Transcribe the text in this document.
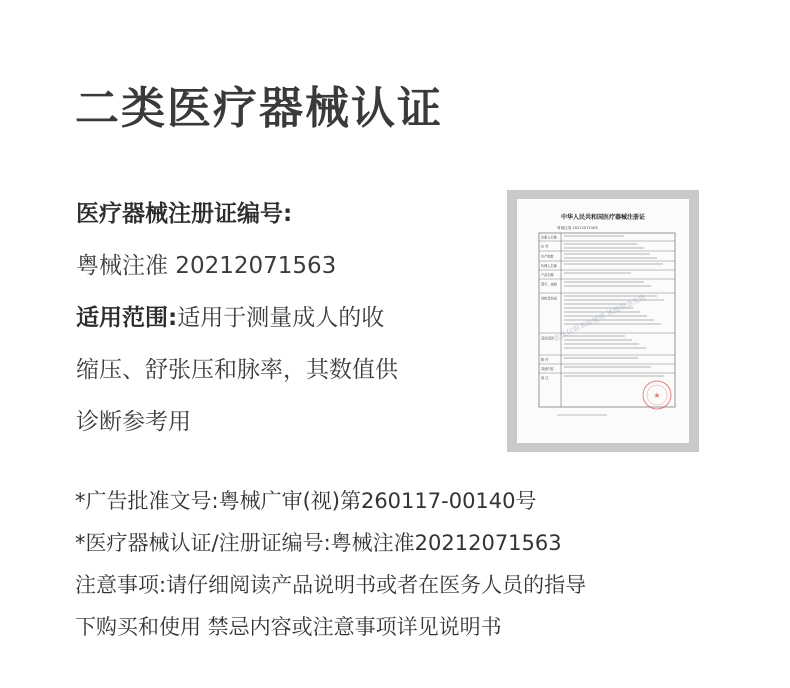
二类医疗器械认证
医疗器械注册证编号:
粤械注准 20212071563
适用范围:适用于测量成人的收
缩压、舒张压和脉率，其数值供
诊断参考用
中华人民共和国医疗器械注册证
粤械注准 20212071563
注册人名称
住 所
生产地址
代理人名称
产品名称
型号、规格
结构及组成
适用范围
附 件
其他内容
备 注
★
此证仅限本店使用 其他用途无效
*广告批准文号:粤械广审(视)第260117-00140号
*医疗器械认证/注册证编号:粤械注准20212071563
注意事项:请仔细阅读产品说明书或者在医务人员的指导
下购买和使用 禁忌内容或注意事项详见说明书
